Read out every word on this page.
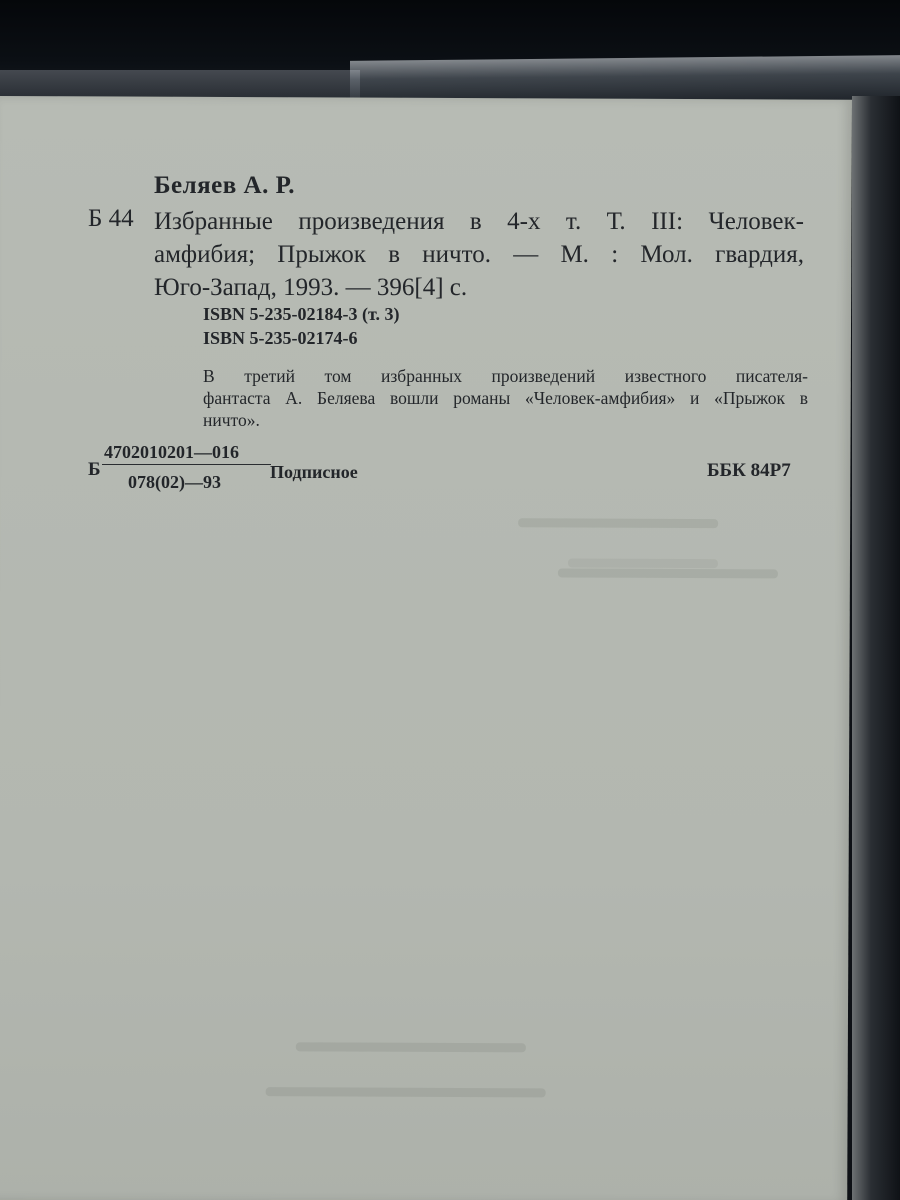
Беляев А. Р.
Б 44 Избранные произведения в 4-х т. Т. III: Человек-
амфибия; Прыжок в ничто. — М. : Мол. гвардия,
Юго-Запад, 1993. — 396[4] с.
ISBN 5-235-02184-3 (т. 3)
ISBN 5-235-02174-6
В третий том избранных произведений известного писателя-
фантаста А. Беляева вошли романы «Человек-амфибия» и «Прыжок в
ничто».
Б
4702010201—016
078(02)—93	Подписное	ББК 84Р7
